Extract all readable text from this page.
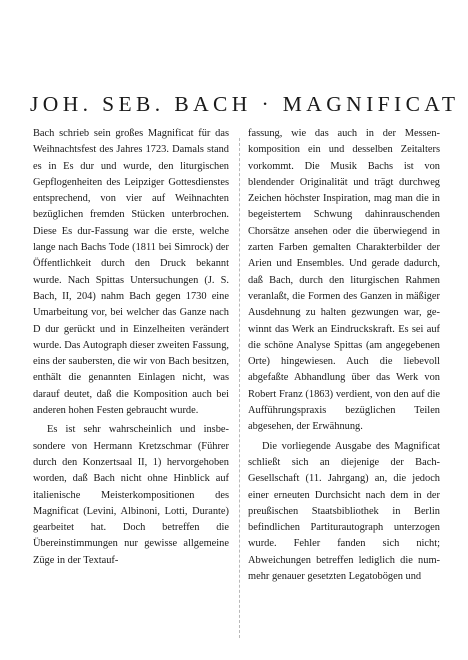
JOH. SEB. BACH · MAGNIFICAT

Bach schrieb sein großes Magnificat für das Weihnachtsfest des Jahres 1723. Damals stand es in Es dur und wurde, den liturgischen Gepflogenheiten des Leipziger Gottesdienstes entsprechend, von vier auf Weihnachten bezüglichen fremden Stücken unterbrochen. Diese Es dur-Fassung war die erste, welche lange nach Bachs Tode (1811 bei Simrock) der Öffentlichkeit durch den Druck bekannt wurde. Nach Spittas Untersuchungen (J. S. Bach, II, 204) nahm Bach gegen 1730 eine Umarbeitung vor, bei welcher das Ganze nach D dur gerückt und in Einzelheiten verändert wurde. Das Autograph dieser zweiten Fassung, eins der saubersten, die wir von Bach besitzen, enthält die genannten Einlagen nicht, was darauf deutet, daß die Komposition auch bei anderen hohen Festen gebraucht wurde.

Es ist sehr wahrscheinlich und insbesondere von Hermann Kretzschmar (Führer durch den Konzertsaal II, 1) hervorgehoben worden, daß Bach nicht ohne Hinblick auf italienische Meisterkompositionen des Magnificat (Levini, Albinoni, Lotti, Durante) gearbeitet hat. Doch betreffen die Übereinstimmungen nur gewisse allgemeine Züge in der Textauf-

fassung, wie das auch in der Messenkomposition ein und desselben Zeitalters vorkommt. Die Musik Bachs ist von blendender Originalität und trägt durchweg Zeichen höchster Inspiration, mag man die in begeistertem Schwung dahinrauschenden Chorsätze ansehen oder die überwiegend in zarten Farben gemalten Charakterbilder der Arien und Ensembles. Und gerade dadurch, daß Bach, durch den liturgischen Rahmen veranlaßt, die Formen des Ganzen in mäßiger Ausdehnung zu halten gezwungen war, gewinnt das Werk an Eindruckskraft. Es sei auf die schöne Analyse Spittas (am angegebenen Orte) hingewiesen. Auch die liebevoll abgefaßte Abhandlung über das Werk von Robert Franz (1863) verdient, von den auf die Aufführungspraxis bezüglichen Teilen abgesehen, der Erwähnung.

Die vorliegende Ausgabe des Magnificat schließt sich an diejenige der Bach-Gesellschaft (11. Jahrgang) an, die jedoch einer erneuten Durchsicht nach dem in der preußischen Staatsbibliothek in Berlin befindlichen Partiturautograph unterzogen wurde. Fehler fanden sich nicht; Abweichungen betreffen lediglich die nummehr genauer gesetzten Legatobögen und
